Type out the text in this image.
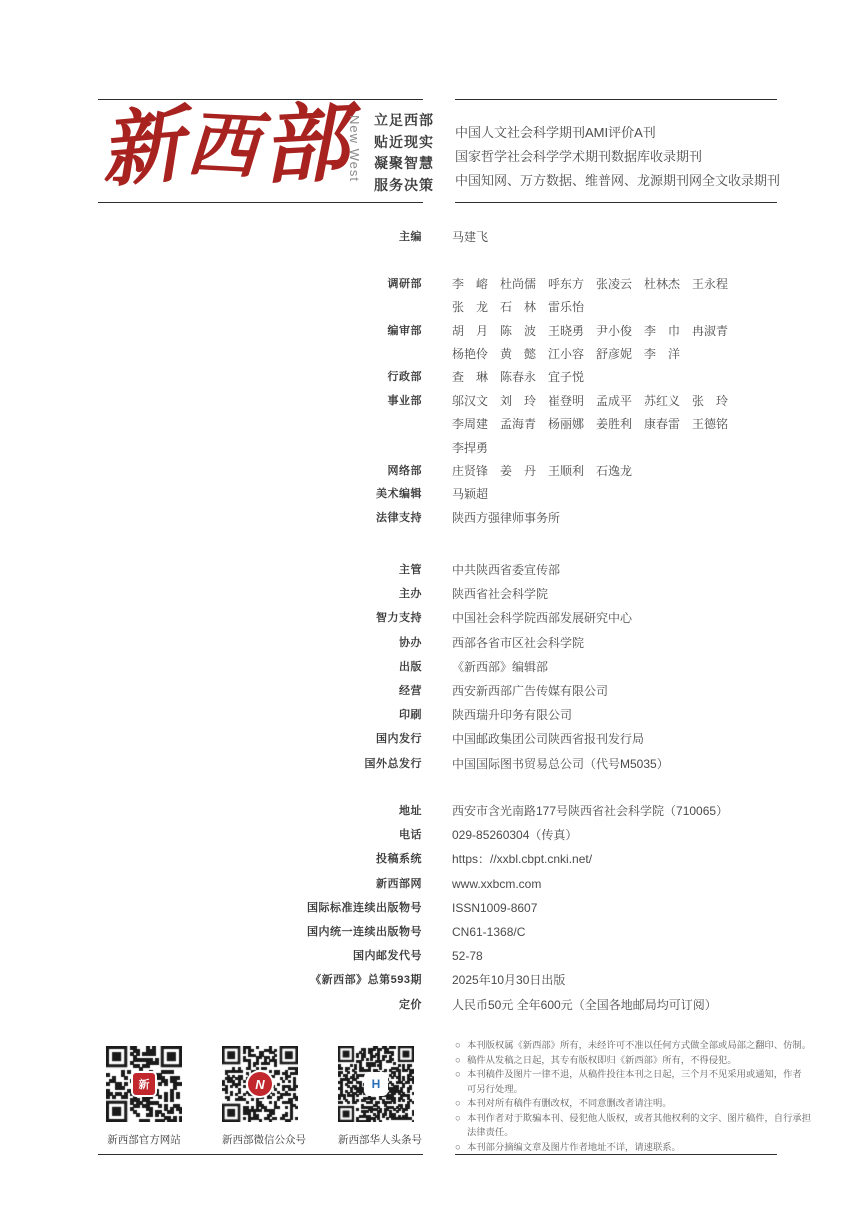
新西部
New West 立足西部
贴近现实
凝聚智慧
服务决策
中国人文社会科学期刊AMI评价A刊
国家哲学社会科学学术期刊数据库收录期刊
中国知网、万方数据、维普网、龙源期刊网全文收录期刊
主编	马建飞
调研部	李　嵱　杜尚儒　呼东方　张凌云　杜林杰　王永程
张　龙　石　林　雷乐怡
编审部	胡　月　陈　波　王晓勇　尹小俊　李　巾　冉淑青
杨艳伶　黄　懿　江小容　舒彦妮　李　洋
行政部	查　琳　陈春永　宜子悦
事业部	邬汉文　刘　玲　崔登明　孟成平　苏红义　张　玲
李周建　孟海青　杨丽娜　姜胜利　康春雷　王德铭
李捍勇
网络部	庄贤锋　姜　丹　王顺利　石逸龙
美术编辑	马颖超
法律支持	陕西方强律师事务所
主管	中共陕西省委宣传部
主办	陕西省社会科学院
智力支持	中国社会科学院西部发展研究中心
协办	西部各省市区社会科学院
出版	《新西部》编辑部
经营	西安新西部广告传媒有限公司
印刷	陕西瑞升印务有限公司
国内发行	中国邮政集团公司陕西省报刊发行局
国外总发行	中国国际图书贸易总公司（代号M5035）
地址	西安市含光南路177号陕西省社会科学院（710065）
电话	029-85260304（传真）
投稿系统	https：//xxbl.cbpt.cnki.net/
新西部网	www.xxbcm.com
国际标准连续出版物号	ISSN1009-8607
国内统一连续出版物号	CN61-1368/C
国内邮发代号	52-78
《新西部》总第593期	2025年10月30日出版
定价	人民币50元 全年600元（全国各地邮局均可订阅）
新
新西部官方网站
N
新西部微信公众号
H
新西部华人头条号
○ 本刊版权属《新西部》所有，未经许可不准以任何方式做全部或局部之翻印、仿制。
○ 稿件从发稿之日起，其专有版权即归《新西部》所有，不得侵犯。
○ 本刊稿件及图片一律不退，从稿件投往本刊之日起，三个月不见采用或通知，作者
可另行处理。
○ 本刊对所有稿件有删改权，不同意删改者请注明。
○ 本刊作者对于欺骗本刊、侵犯他人版权，或者其他权利的文字、图片稿件，自行承担
法律责任。
○ 本刊部分摘编文章及图片作者地址不详，请速联系。
